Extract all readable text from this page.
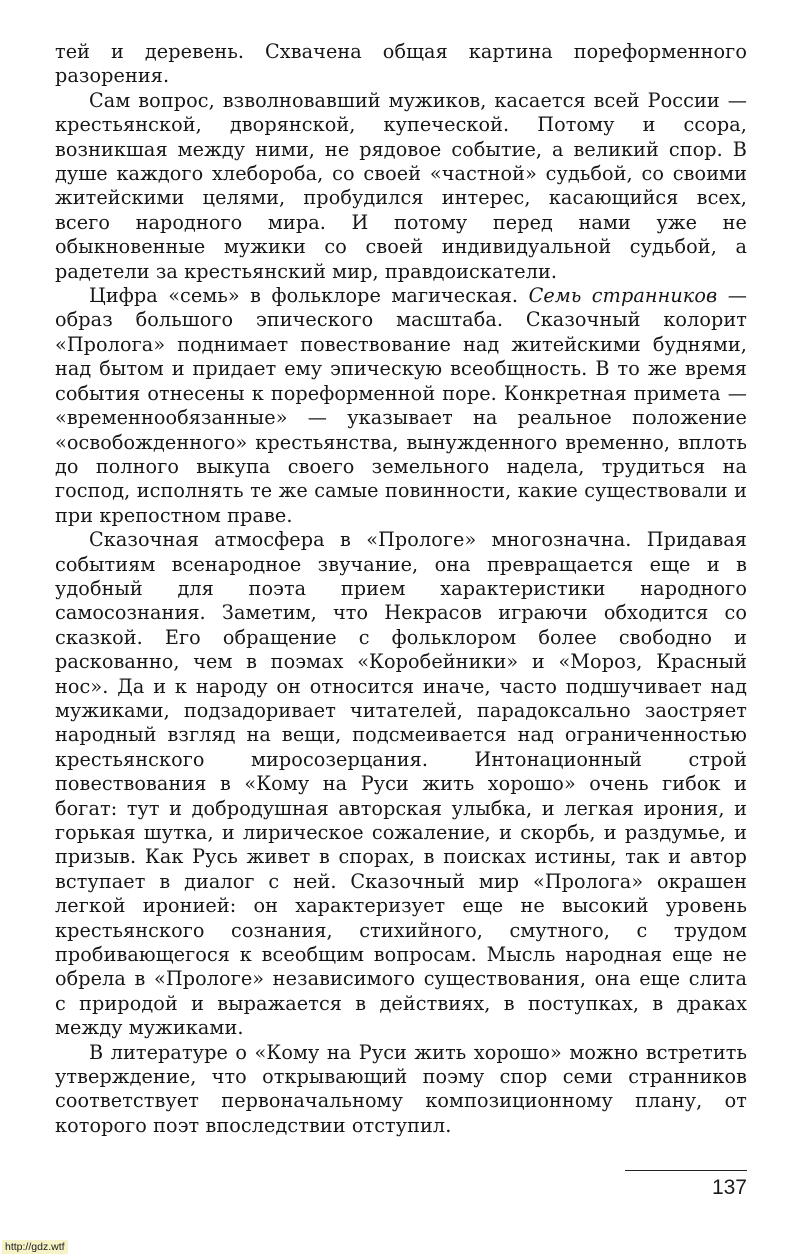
тей и деревень. Схвачена общая картина пореформенного разорения.

Сам вопрос, взволновавший мужиков, касается всей России — крестьянской, дворянской, купеческой. Потому и ссора, возникшая между ними, не рядовое событие, а великий спор. В душе каждого хлебороба, со своей «частной» судьбой, со своими житейскими целями, пробудился интерес, касающийся всех, всего народного мира. И потому перед нами уже не обыкновенные мужики со своей индивидуальной судьбой, а радетели за крестьянский мир, правдоискатели.

Цифра «семь» в фольклоре магическая. Семь странников — образ большого эпического масштаба. Сказочный колорит «Пролога» поднимает повествование над житейскими буднями, над бытом и придает ему эпическую всеобщность. В то же время события отнесены к пореформенной поре. Конкретная примета — «временнообязанные» — указывает на реальное положение «освобожденного» крестьянства, вынужденного временно, вплоть до полного выкупа своего земельного надела, трудиться на господ, исполнять те же самые повинности, какие существовали и при крепостном праве.

Сказочная атмосфера в «Прологе» многозначна. Придавая событиям всенародное звучание, она превращается еще и в удобный для поэта прием характеристики народного самосознания. Заметим, что Некрасов играючи обходится со сказкой. Его обращение с фольклором более свободно и раскованно, чем в поэмах «Коробейники» и «Мороз, Красный нос». Да и к народу он относится иначе, часто подшучивает над мужиками, подзадоривает читателей, парадоксально заостряет народный взгляд на вещи, подсмеивается над ограниченностью крестьянского миросозерцания. Интонационный строй повествования в «Кому на Руси жить хорошо» очень гибок и богат: тут и добродушная авторская улыбка, и легкая ирония, и горькая шутка, и лирическое сожаление, и скорбь, и раздумье, и призыв. Как Русь живет в спорах, в поисках истины, так и автор вступает в диалог с ней. Сказочный мир «Пролога» окрашен легкой иронией: он характеризует еще не высокий уровень крестьянского сознания, стихийного, смутного, с трудом пробивающегося к всеобщим вопросам. Мысль народная еще не обрела в «Прологе» независимого существования, она еще слита с природой и выражается в действиях, в поступках, в драках между мужиками.

В литературе о «Кому на Руси жить хорошо» можно встретить утверждение, что открывающий поэму спор семи странников соответствует первоначальному композиционному плану, от которого поэт впоследствии отступил.

137
http://gdz.wtf
